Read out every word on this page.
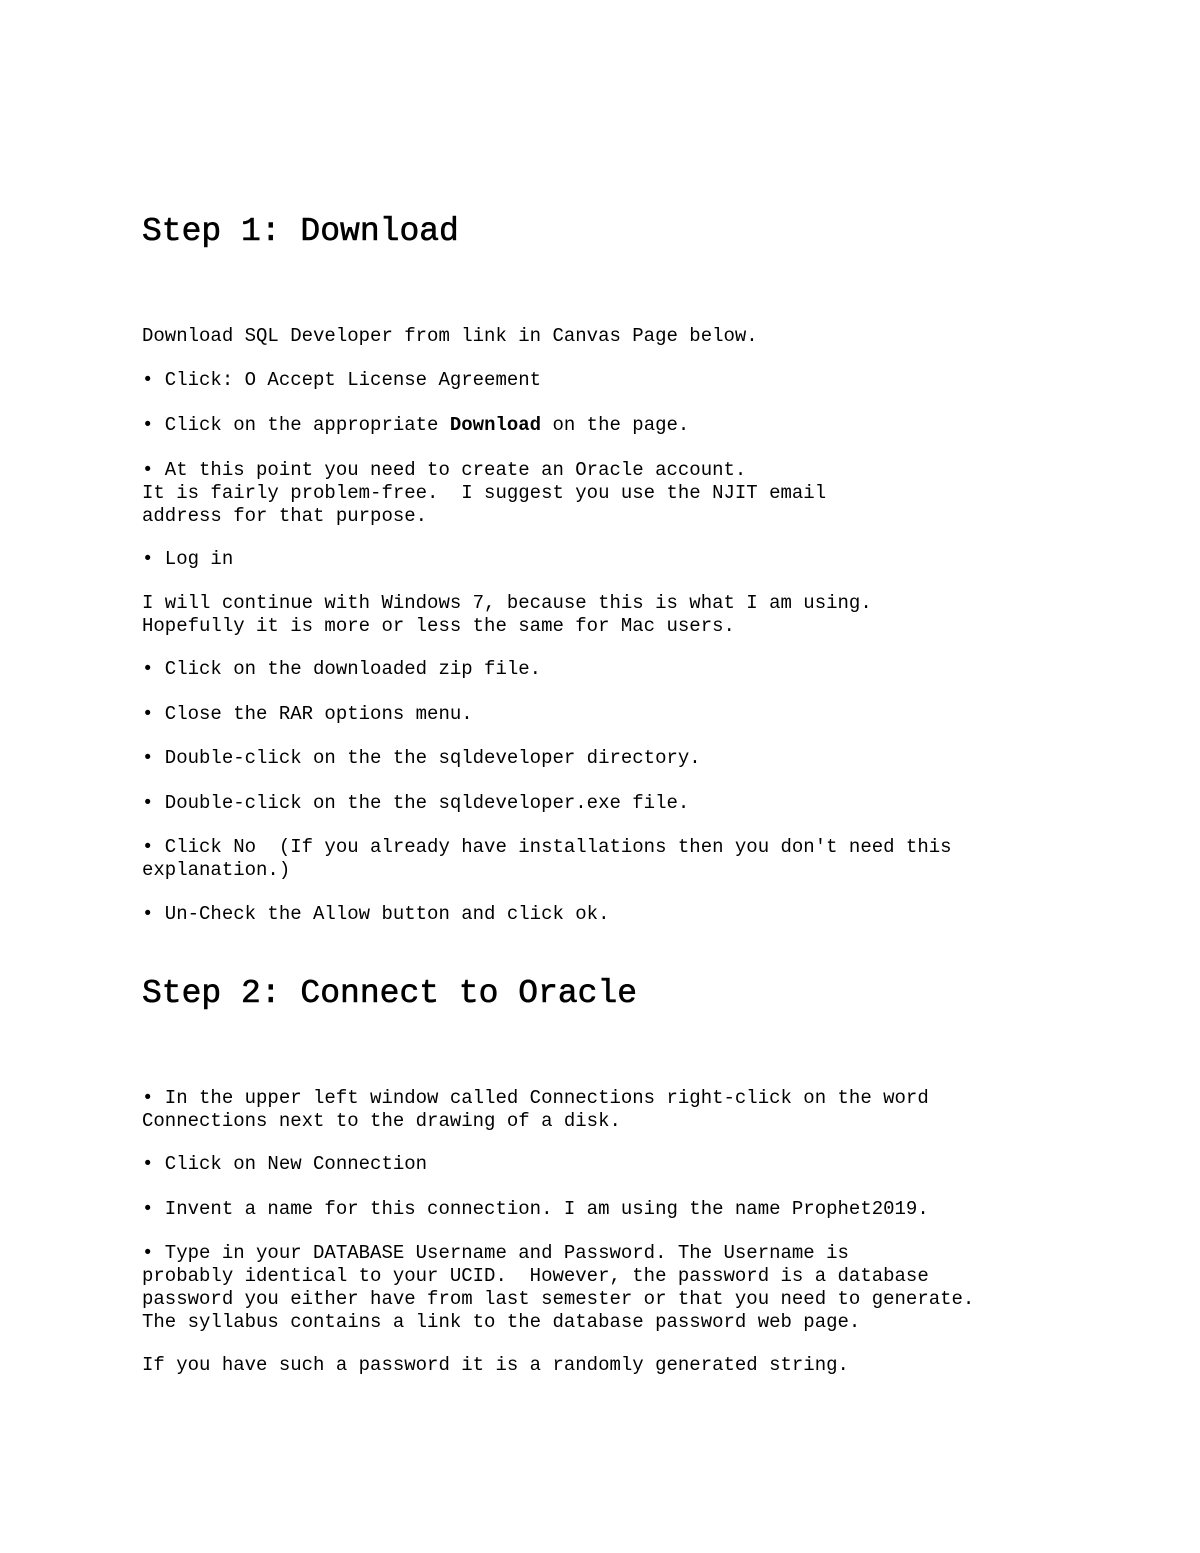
Step 1: Download

Download SQL Developer from link in Canvas Page below.

• Click: O Accept License Agreement

• Click on the appropriate Download on the page.

• At this point you need to create an Oracle account.
It is fairly problem-free.  I suggest you use the NJIT email
address for that purpose.

• Log in

I will continue with Windows 7, because this is what I am using.
Hopefully it is more or less the same for Mac users.

• Click on the downloaded zip file.

• Close the RAR options menu.

• Double-click on the the sqldeveloper directory.

• Double-click on the the sqldeveloper.exe file.

• Click No  (If you already have installations then you don't need this
explanation.)

• Un-Check the Allow button and click ok.

Step 2: Connect to Oracle

• In the upper left window called Connections right-click on the word
Connections next to the drawing of a disk.

• Click on New Connection

• Invent a name for this connection. I am using the name Prophet2019.

• Type in your DATABASE Username and Password. The Username is
probably identical to your UCID.  However, the password is a database
password you either have from last semester or that you need to generate.
The syllabus contains a link to the database password web page.

If you have such a password it is a randomly generated string.
